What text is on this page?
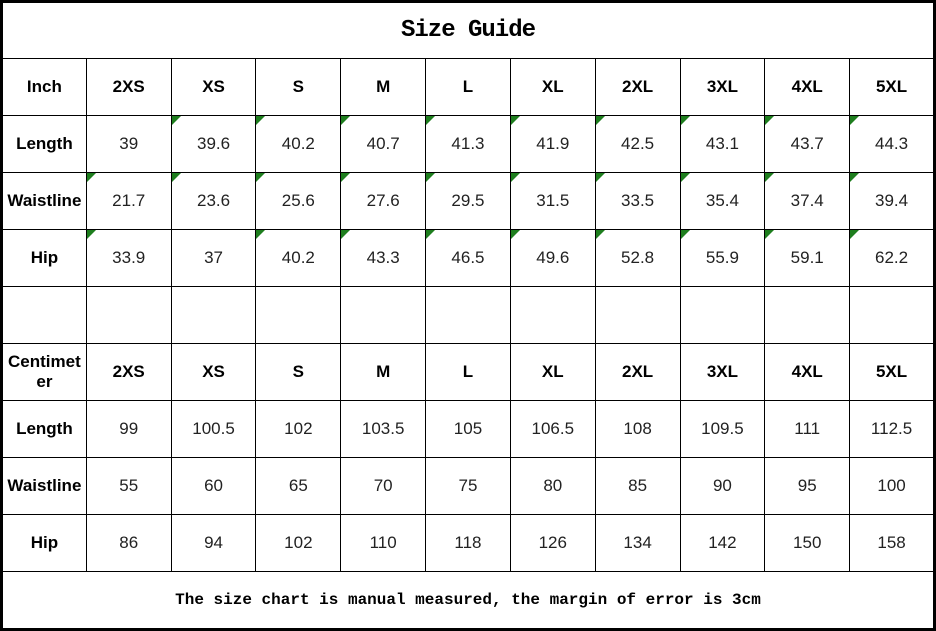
Size Guide										
Inch	2XS	XS	S	M	L	XL	2XL	3XL	4XL	5XL
Length	39	39.6	40.2	40.7	41.3	41.9	42.5	43.1	43.7	44.3
Waistline	21.7	23.6	25.6	27.6	29.5	31.5	33.5	35.4	37.4	39.4
Hip	33.9	37	40.2	43.3	46.5	49.6	52.8	55.9	59.1	62.2

Centimeter	2XS	XS	S	M	L	XL	2XL	3XL	4XL	5XL
Length	99	100.5	102	103.5	105	106.5	108	109.5	111	112.5
Waistline	55	60	65	70	75	80	85	90	95	100
Hip	86	94	102	110	118	126	134	142	150	158
The size chart is manual measured, the margin of error is 3cm										
